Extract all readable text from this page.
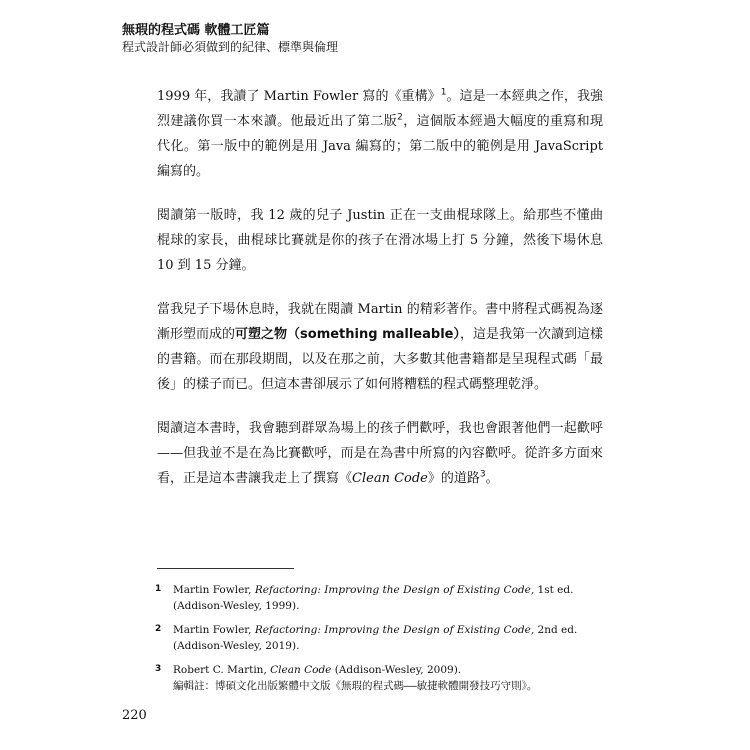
無瑕的程式碼 軟體工匠篇
程式設計師必須做到的紀律、標準與倫理

1999 年，我讀了 Martin Fowler 寫的《重構》$^1$。這是一本經典之作，我強烈建議你買一本來讀。他最近出了第二版$^2$，這個版本經過大幅度的重寫和現代化。第一版中的範例是用 Java 編寫的；第二版中的範例是用 JavaScript 編寫的。

閱讀第一版時，我 12 歲的兒子 Justin 正在一支曲棍球隊上。給那些不懂曲棍球的家長，曲棍球比賽就是你的孩子在滑冰場上打 5 分鐘，然後下場休息 10 到 15 分鐘。

當我兒子下場休息時，我就在閱讀 Martin 的精彩著作。書中將程式碼視為逐漸形塑而成的可塑之物（something malleable），這是我第一次讀到這樣的書籍。而在那段期間，以及在那之前，大多數其他書籍都是呈現程式碼「最後」的樣子而已。但這本書卻展示了如何將糟糕的程式碼整理乾淨。

閱讀這本書時，我會聽到群眾為場上的孩子們歡呼，我也會跟著他們一起歡呼——但我並不是在為比賽歡呼，而是在為書中所寫的內容歡呼。從許多方面來看，正是這本書讓我走上了撰寫《Clean Code》的道路$^3$。

1	Martin Fowler, Refactoring: Improving the Design of Existing Code, 1st ed. (Addison-Wesley, 1999).
2	Martin Fowler, Refactoring: Improving the Design of Existing Code, 2nd ed. (Addison-Wesley, 2019).
3	Robert C. Martin, Clean Code (Addison-Wesley, 2009).
編輯註：博碩文化出版繁體中文版《無瑕的程式碼——敏捷軟體開發技巧守則》。
220
